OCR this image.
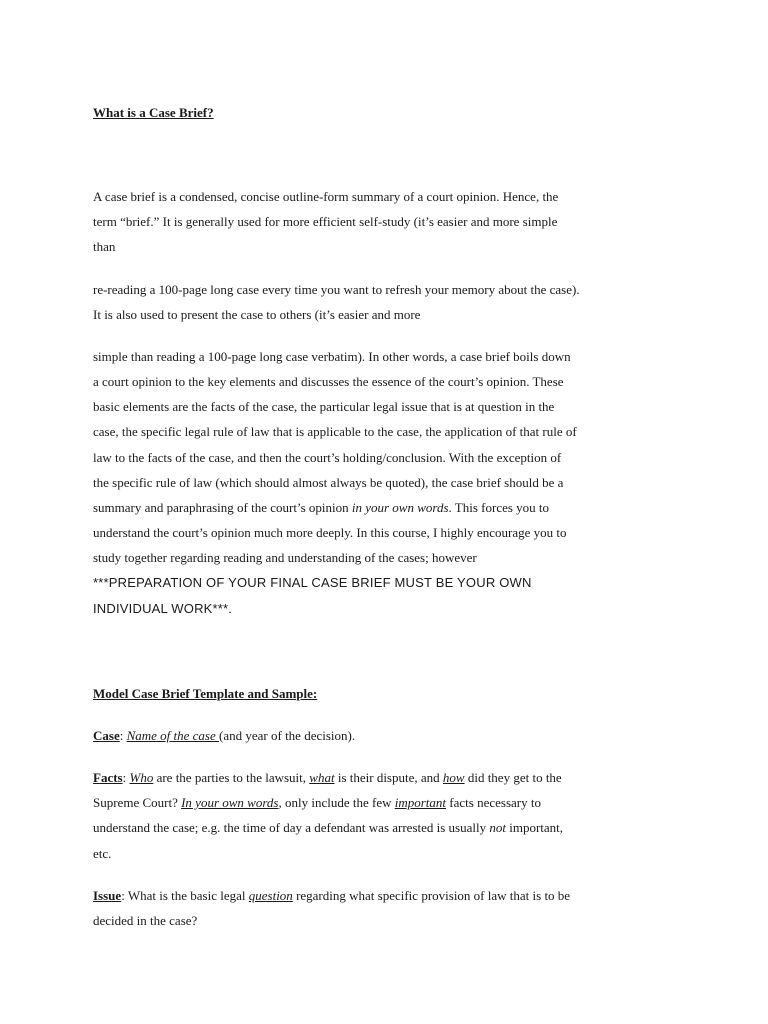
What is a Case Brief?
A case brief is a condensed, concise outline-form summary of a court opinion. Hence, the
term “brief.” It is generally used for more efficient self-study (it’s easier and more simple
than
re-reading a 100-page long case every time you want to refresh your memory about the case).
It is also used to present the case to others (it’s easier and more
simple than reading a 100-page long case verbatim). In other words, a case brief boils down
a court opinion to the key elements and discusses the essence of the court’s opinion. These
basic elements are the facts of the case, the particular legal issue that is at question in the
case, the specific legal rule of law that is applicable to the case, the application of that rule of
law to the facts of the case, and then the court’s holding/conclusion. With the exception of
the specific rule of law (which should almost always be quoted), the case brief should be a
summary and paraphrasing of the court’s opinion in your own words. This forces you to
understand the court’s opinion much more deeply. In this course, I highly encourage you to
study together regarding reading and understanding of the cases; however
***PREPARATION OF YOUR FINAL CASE BRIEF MUST BE YOUR OWN
INDIVIDUAL WORK***.
Model Case Brief Template and Sample:
Case: Name of the case (and year of the decision).
Facts: Who are the parties to the lawsuit, what is their dispute, and how did they get to the
Supreme Court? In your own words, only include the few important facts necessary to
understand the case; e.g. the time of day a defendant was arrested is usually not important,
etc.
Issue: What is the basic legal question regarding what specific provision of law that is to be
decided in the case?
